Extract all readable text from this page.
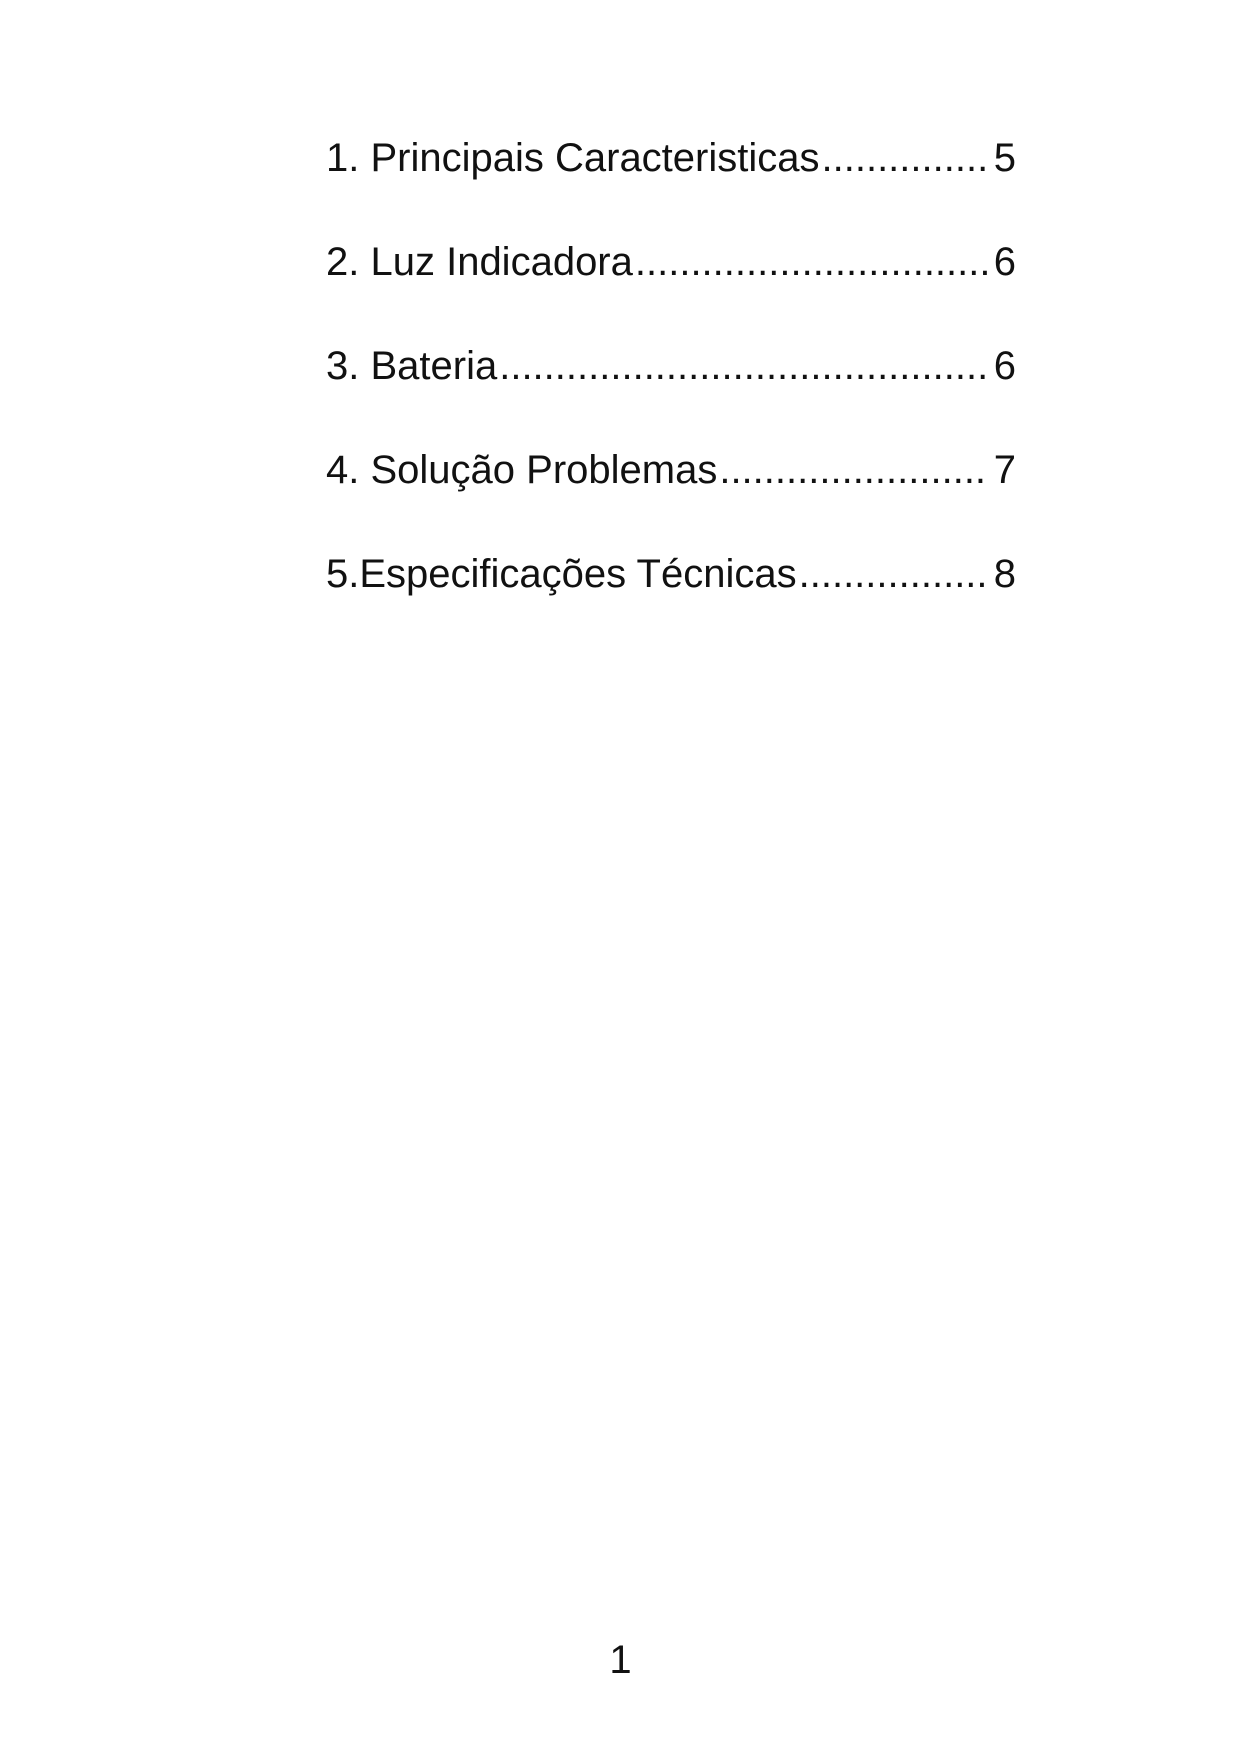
1. Principais Caracteristicas .....	5
2. Luz Indicadora .....	6
3. Bateria .....	6
4. Solução Problemas .....	7
5.Especificações Técnicas .....	8
1
